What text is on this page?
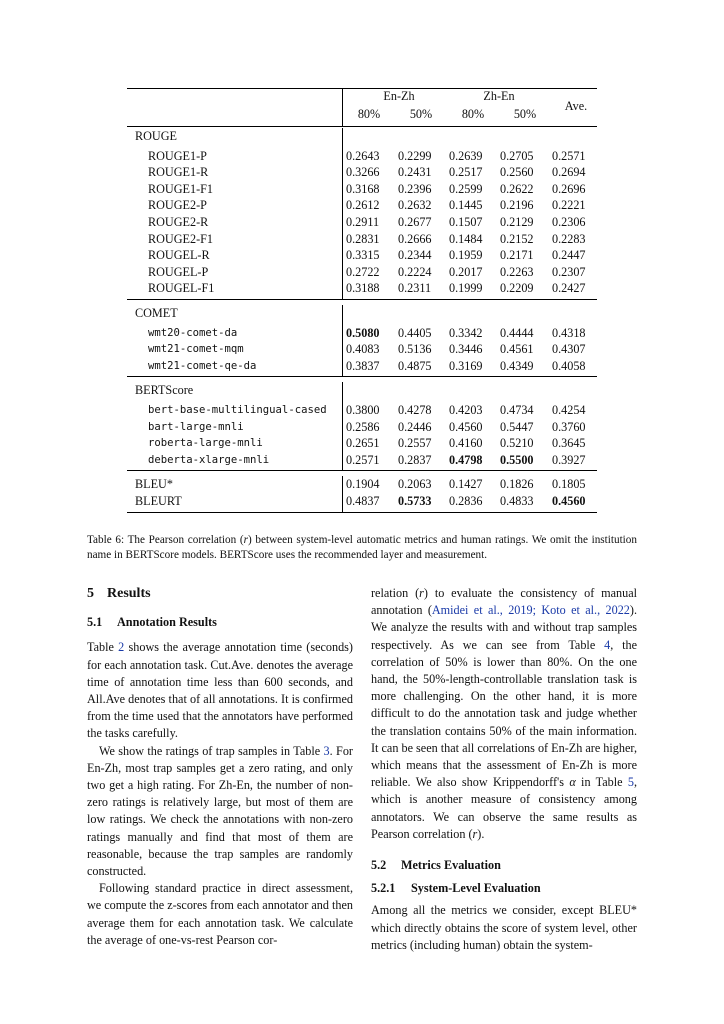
En-Zh	Zh-En
Ave.
80%	50%	80%	50%
ROUGE
ROUGE1-P	0.2643 0.2299 0.2639 0.2705 0.2571
ROUGE1-R	0.3266 0.2431 0.2517 0.2560 0.2694
ROUGE1-F1	0.3168 0.2396 0.2599 0.2622 0.2696
ROUGE2-P	0.2612 0.2632 0.1445 0.2196 0.2221
ROUGE2-R	0.2911 0.2677 0.1507 0.2129 0.2306
ROUGE2-F1	0.2831 0.2666 0.1484 0.2152 0.2283
ROUGEL-R	0.3315 0.2344 0.1959 0.2171 0.2447
ROUGEL-P	0.2722 0.2224 0.2017 0.2263 0.2307
ROUGEL-F1	0.3188 0.2311 0.1999 0.2209 0.2427
COMET
wmt20-comet-da	0.5080 0.4405 0.3342 0.4444 0.4318
wmt21-comet-mqm	0.4083 0.5136 0.3446 0.4561 0.4307
wmt21-comet-qe-da	0.3837 0.4875 0.3169 0.4349 0.4058
BERTScore
bert-base-multilingual-cased 0.3800 0.4278 0.4203 0.4734 0.4254
bart-large-mnli	0.2586 0.2446 0.4560 0.5447 0.3760
roberta-large-mnli	0.2651 0.2557 0.4160 0.5210 0.3645
deberta-xlarge-mnli	0.2571 0.2837 0.4798 0.5500 0.3927
BLEU*	0.1904 0.2063 0.1427 0.1826 0.1805
BLEURT	0.4837 0.5733 0.2836 0.4833 0.4560
Table 6: The Pearson correlation (r) between system-level automatic metrics and human ratings. We omit the institution name in BERTScore models. BERTScore uses the recommended layer and measurement.
5 Results
5.1 Annotation Results

Table 2 shows the average annotation time (seconds) for each annotation task. Cut.Ave. denotes the average time of annotation time less than 600 seconds, and All.Ave denotes that of all annotations. It is confirmed from the time used that the annotators have performed the tasks carefully.

We show the ratings of trap samples in Table 3. For En-Zh, most trap samples get a zero rating, and only two get a high rating. For Zh-En, the number of non-zero ratings is relatively large, but most of them are low ratings. We check the annotations with non-zero ratings manually and find that most of them are reasonable, because the trap samples are randomly constructed.

Following standard practice in direct assessment, we compute the z-scores from each annotator and then average them for each annotation task. We calculate the average of one-vs-rest Pearson cor-

relation (r) to evaluate the consistency of manual annotation (Amidei et al., 2019; Koto et al., 2022). We analyze the results with and without trap samples respectively. As we can see from Table 4, the correlation of 50% is lower than 80%. On the one hand, the 50%-length-controllable translation task is more challenging. On the other hand, it is more difficult to do the annotation task and judge whether the translation contains 50% of the main information. It can be seen that all correlations of En-Zh are higher, which means that the assessment of En-Zh is more reliable. We also show Krippendorff's α in Table 5, which is another measure of consistency among annotators. We can observe the same results as Pearson correlation (r).

5.2 Metrics Evaluation
5.2.1 System-Level Evaluation

Among all the metrics we consider, except BLEU* which directly obtains the score of system level, other metrics (including human) obtain the system-
